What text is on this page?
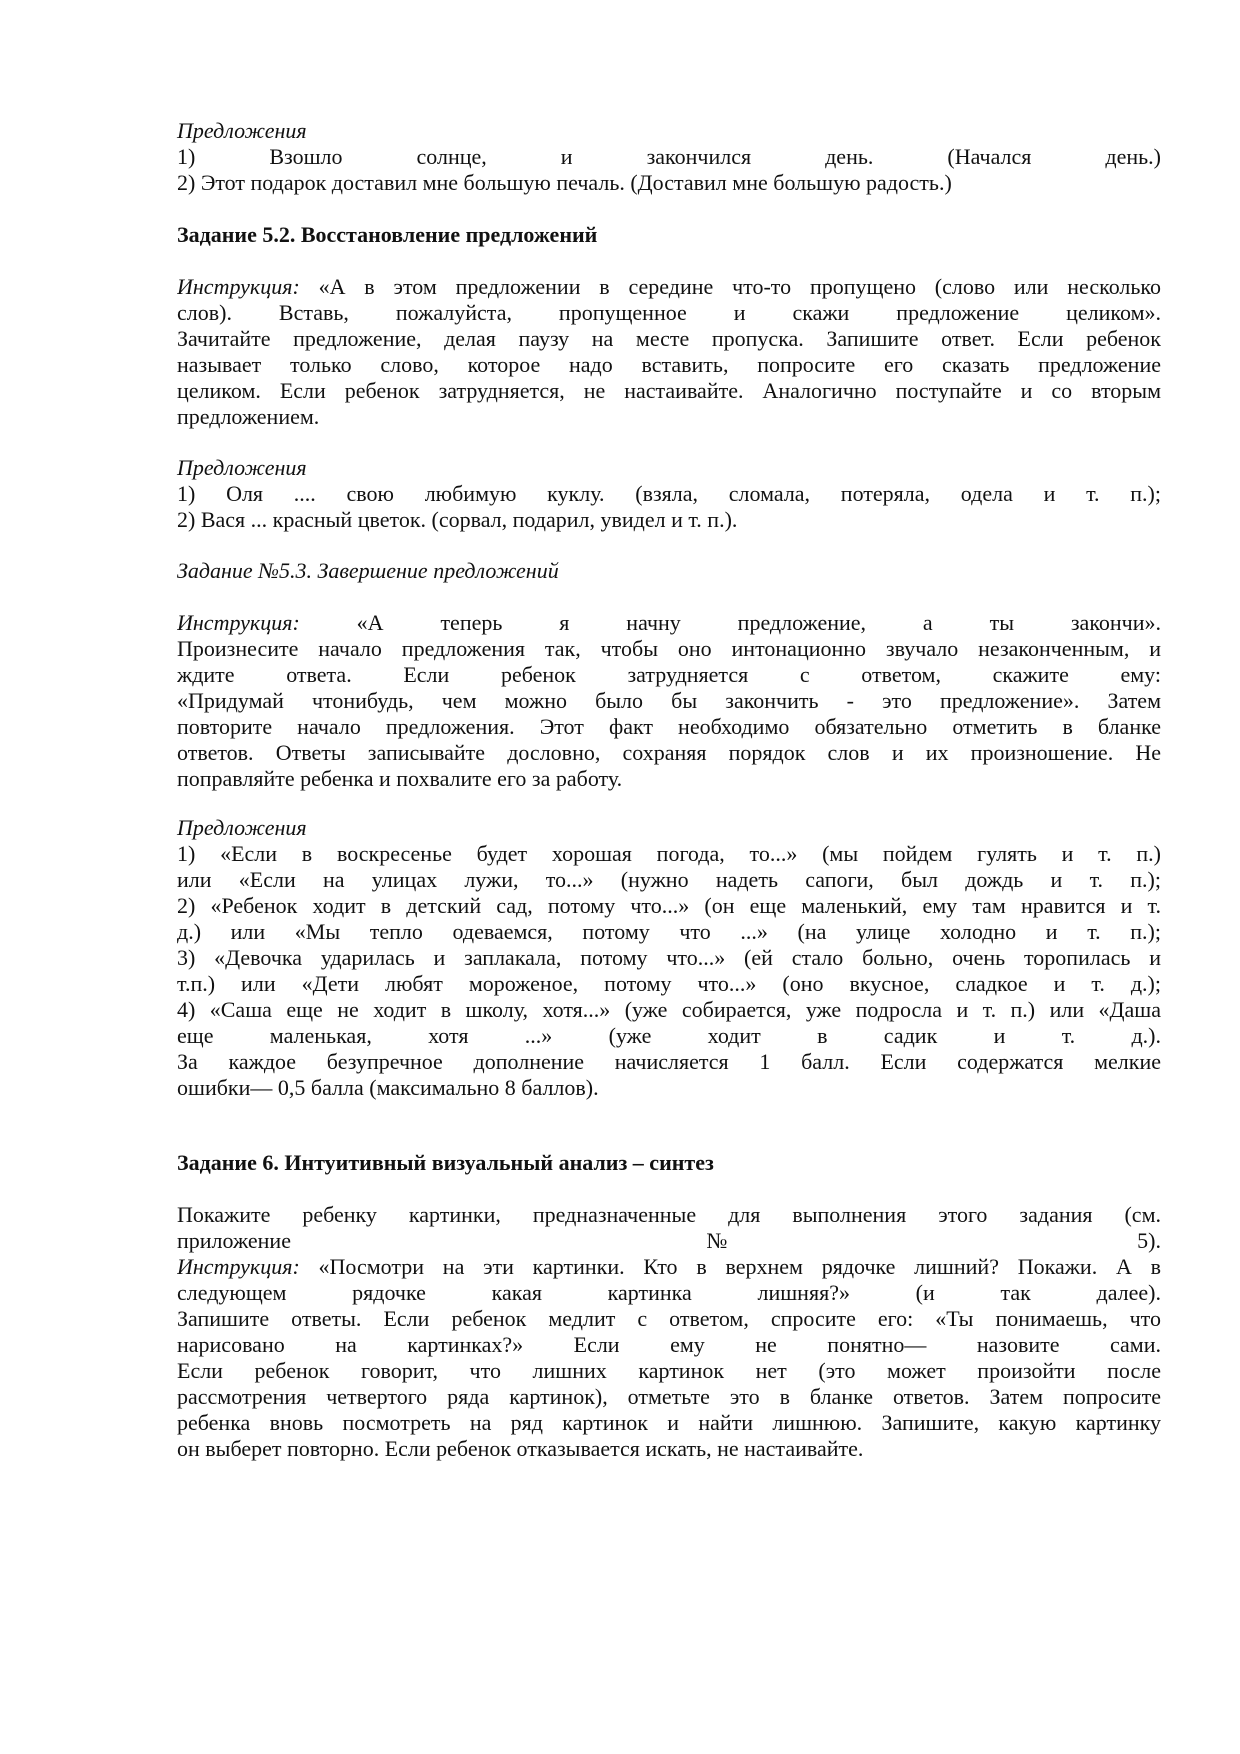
Предложения
1) Взошло солнце, и закончился день. (Начался день.)
2) Этот подарок доставил мне большую печаль. (Доставил мне большую радость.)
Задание 5.2. Восстановление предложений
Инструкция: «А в этом предложении в середине что-то пропущено (слово или несколько
слов). Вставь, пожалуйста, пропущенное и скажи предложение целиком».
Зачитайте предложение, делая паузу на месте пропуска. Запишите ответ. Если ребенок
называет только слово, которое надо вставить, попросите его сказать предложение
целиком. Если ребенок затрудняется, не настаивайте. Аналогично поступайте и со вторым
предложением.
Предложения
1) Оля .... свою любимую куклу. (взяла, сломала, потеряла, одела и т. п.);
2) Вася ... красный цветок. (сорвал, подарил, увидел и т. п.).
Задание №5.3. Завершение предложений
Инструкция: «А теперь я начну предложение, а ты закончи».
Произнесите начало предложения так, чтобы оно интонационно звучало незаконченным, и
ждите ответа. Если ребенок затрудняется с ответом, скажите ему:
«Придумай чтонибудь, чем можно было бы закончить - это предложение». Затем
повторите начало предложения. Этот факт необходимо обязательно отметить в бланке
ответов. Ответы записывайте дословно, сохраняя порядок слов и их произношение. Не
поправляйте ребенка и похвалите его за работу.
Предложения
1) «Если в воскресенье будет хорошая погода, то...» (мы пойдем гулять и т. п.)
или «Если на улицах лужи, то...» (нужно надеть сапоги, был дождь и т. п.);
2) «Ребенок ходит в детский сад, потому что...» (он еще маленький, ему там нравится и т.
д.) или «Мы тепло одеваемся, потому что ...» (на улице холодно и т. п.);
3) «Девочка ударилась и заплакала, потому что...» (ей стало больно, очень торопилась и
т.п.) или «Дети любят мороженое, потому что...» (оно вкусное, сладкое и т. д.);
4) «Саша еще не ходит в школу, хотя...» (уже собирается, уже подросла и т. п.) или «Даша
еще маленькая, хотя ...» (уже ходит в садик и т. д.).
За каждое безупречное дополнение начисляется 1 балл. Если содержатся мелкие
ошибки— 0,5 балла (максимально 8 баллов).
Задание 6. Интуитивный визуальный анализ – синтез
Покажите ребенку картинки, предназначенные для выполнения этого задания (см.
приложение №5).
Инструкция: «Посмотри на эти картинки. Кто в верхнем рядочке лишний? Покажи. А в
следующем рядочке какая картинка лишняя?» (и так далее).
Запишите ответы. Если ребенок медлит с ответом, спросите его: «Ты понимаешь, что
нарисовано на картинках?» Если ему не понятно— назовите сами.
Если ребенок говорит, что лишних картинок нет (это может произойти после
рассмотрения четвертого ряда картинок), отметьте это в бланке ответов. Затем попросите
ребенка вновь посмотреть на ряд картинок и найти лишнюю. Запишите, какую картинку
он выберет повторно. Если ребенок отказывается искать, не настаивайте.
